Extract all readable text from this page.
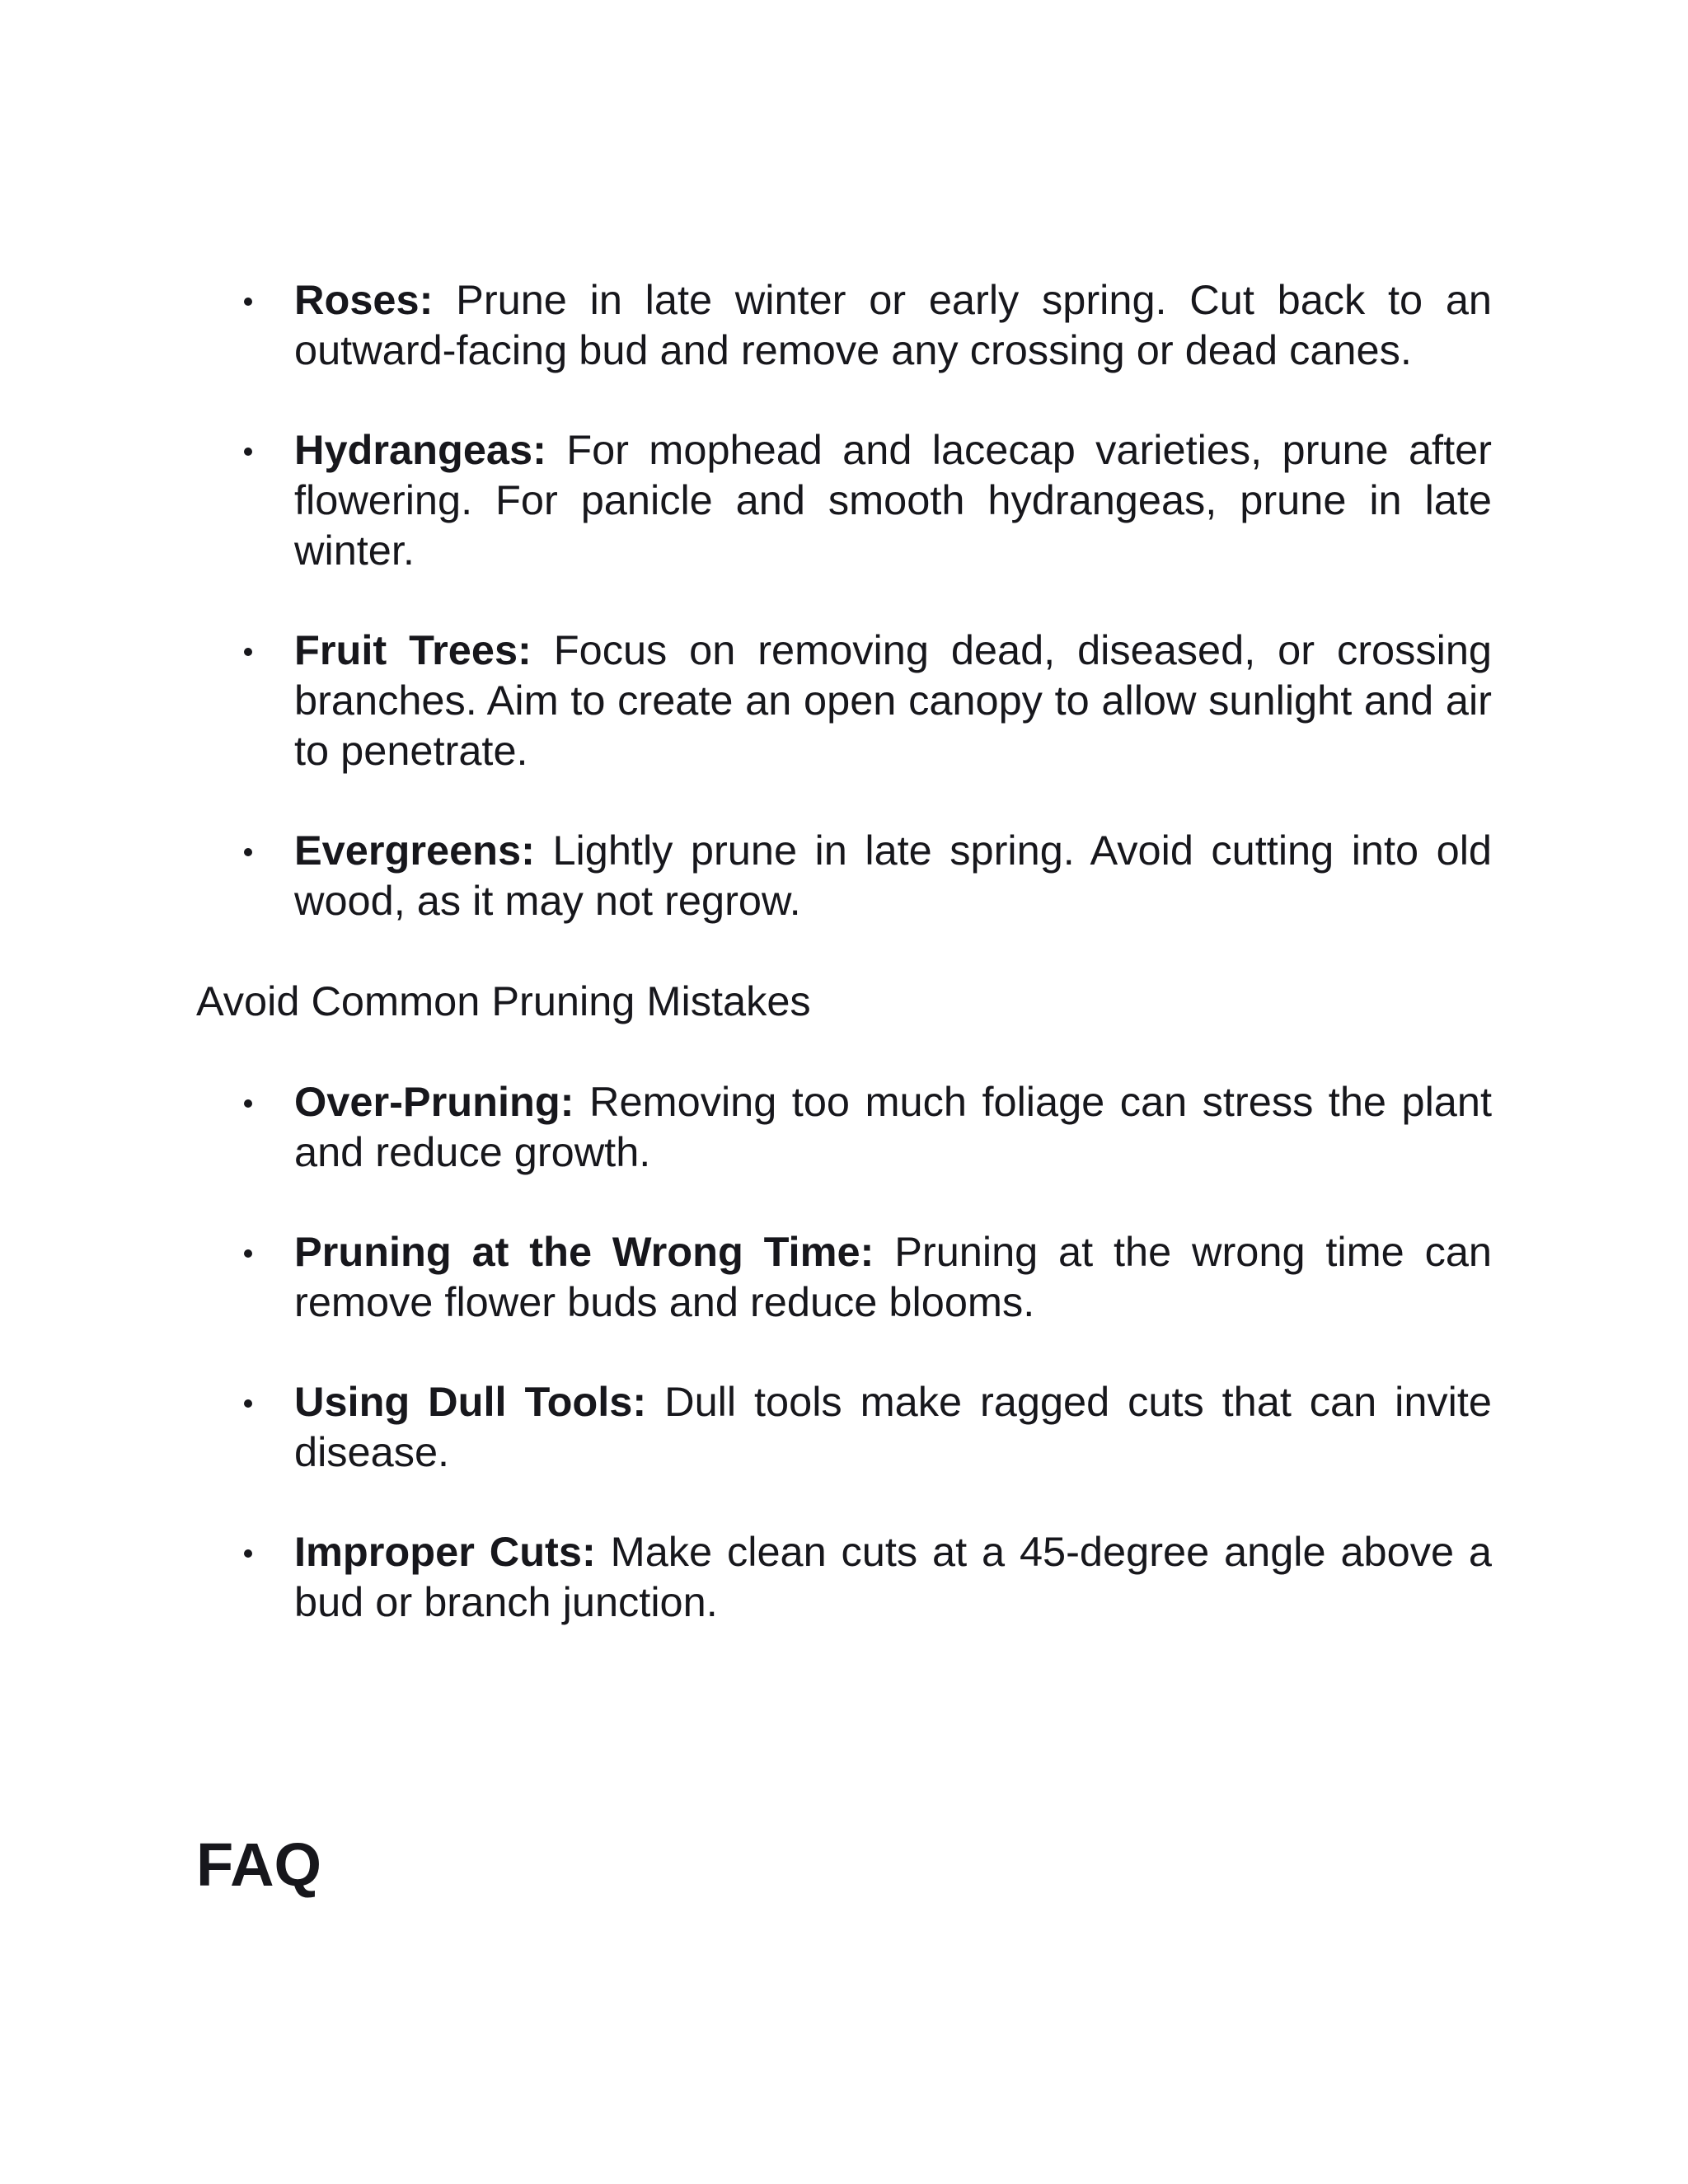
Roses: Prune in late winter or early spring. Cut back to an outward-facing bud and remove any crossing or dead canes.

Hydrangeas: For mophead and lacecap varieties, prune after flowering. For panicle and smooth hydrangeas, prune in late winter.

Fruit Trees: Focus on removing dead, diseased, or crossing branches. Aim to create an open canopy to allow sunlight and air to penetrate.

Evergreens: Lightly prune in late spring. Avoid cutting into old wood, as it may not regrow.

Avoid Common Pruning Mistakes

Over-Pruning: Removing too much foliage can stress the plant and reduce growth.

Pruning at the Wrong Time: Pruning at the wrong time can remove flower buds and reduce blooms.

Using Dull Tools: Dull tools make ragged cuts that can invite disease.

Improper Cuts: Make clean cuts at a 45-degree angle above a bud or branch junction.

FAQ
